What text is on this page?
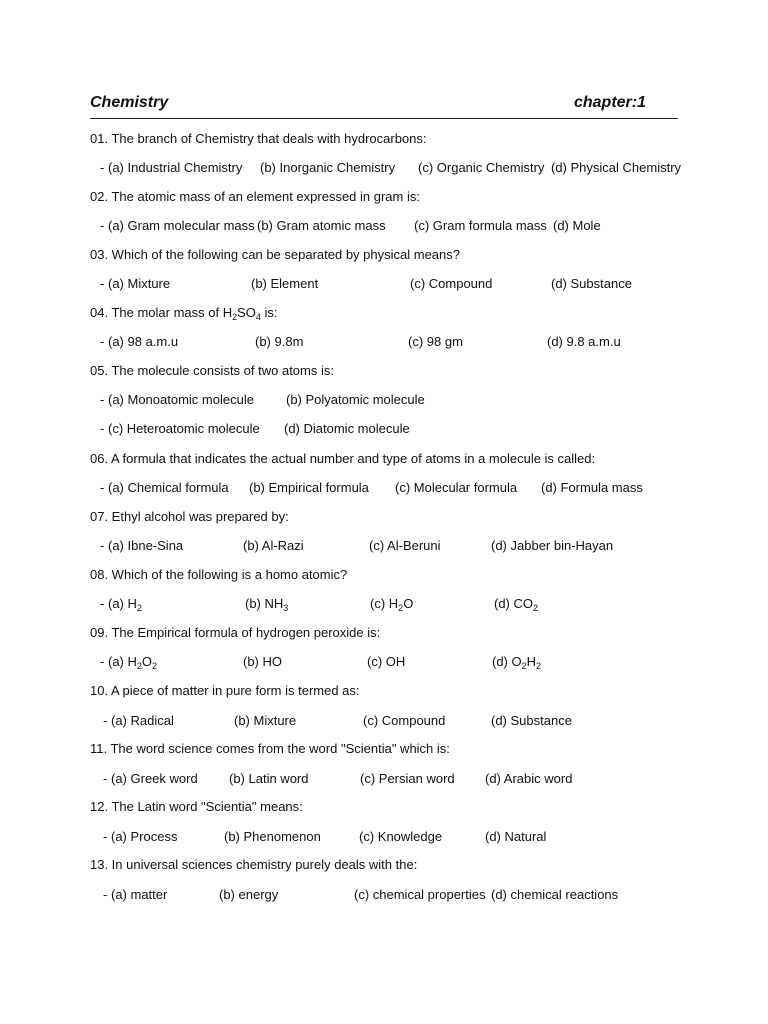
Chemistry	chapter:1
01. The branch of Chemistry that deals with hydrocarbons:
- (a) Industrial Chemistry (b) Inorganic Chemistry (c) Organic Chemistry (d) Physical Chemistry
02. The atomic mass of an element expressed in gram is:
- (a) Gram molecular mass (b) Gram atomic mass (c) Gram formula mass (d) Mole
03. Which of the following can be separated by physical means?
- (a) Mixture	(b) Element	(c) Compound	(d) Substance
04. The molar mass of $H_2SO_4$ is:
- (a) 98 a.m.u	(b) 9.8m	(c) 98 gm	(d) 9.8 a.m.u
05. The molecule consists of two atoms is:
- (a) Monoatomic molecule (b) Polyatomic molecule
- (c) Heteroatomic molecule (d) Diatomic molecule
06. A formula that indicates the actual number and type of atoms in a molecule is called:
- (a) Chemical formula (b) Empirical formula (c) Molecular formula (d) Formula mass
07. Ethyl alcohol was prepared by:
- (a) Ibne-Sina	(b) Al-Razi	(c) Al-Beruni	(d) Jabber bin-Hayan
08. Which of the following is a homo atomic?
- (a) $H_2$	(b) $NH_3$	(c) $H_2O$	(d) $CO_2$
09. The Empirical formula of hydrogen peroxide is:
- (a) $H_2O_2$	(b) HO	(c) OH	(d) $O_2H_2$
10. A piece of matter in pure form is termed as:
- (a) Radical	(b) Mixture	(c) Compound	(d) Substance
11. The word science comes from the word "Scientia" which is:
- (a) Greek word (b) Latin word	(c) Persian word (d) Arabic word
12. The Latin word "Scientia" means:
- (a) Process	(b) Phenomenon	(c) Knowledge	(d) Natural
13. In universal sciences chemistry purely deals with the:
- (a) matter	(b) energy	(c) chemical properties (d) chemical reactions
